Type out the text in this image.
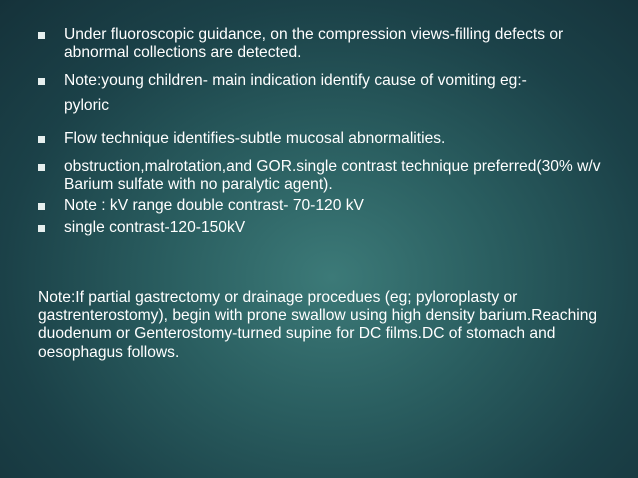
Under fluoroscopic guidance, on the compression views-filling defects or abnormal collections are detected.
Note:young children- main indication identify cause of vomiting eg:-
pyloric
Flow technique identifies-subtle mucosal abnormalities.
obstruction,malrotation,and GOR.single contrast technique preferred(30% w/v Barium sulfate with no paralytic agent).
Note : kV range double contrast- 70-120 kV
single contrast-120-150kV

Note:If partial gastrectomy or drainage procedues (eg; pyloroplasty or gastrenterostomy), begin with prone swallow using high density barium.Reaching duodenum or Genterostomy-turned supine for DC films.DC of stomach and oesophagus follows.
